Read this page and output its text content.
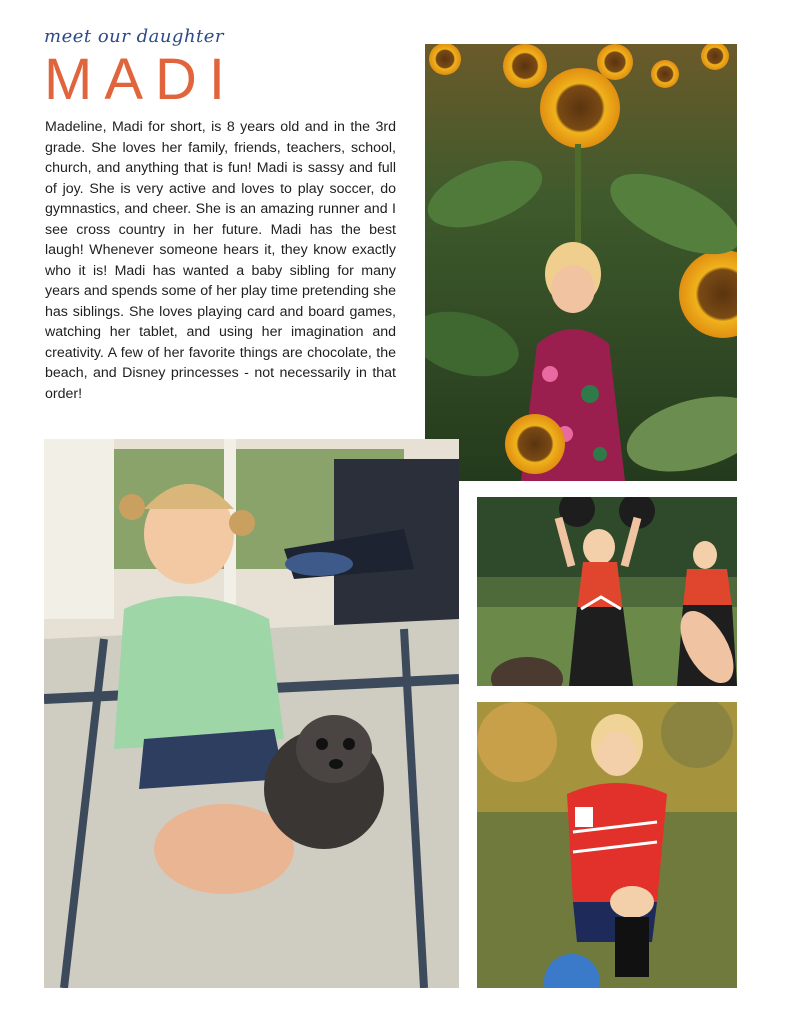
meet our daughter
MADI

Madeline, Madi for short, is 8 years old and in the 3rd grade. She loves her family, friends, teachers, school, church, and anything that is fun! Madi is sassy and full of joy. She is very active and loves to play soccer, do gymnastics, and cheer. She is an amazing runner and I see cross country in her future. Madi has the best laugh! Whenever someone hears it, they know exactly who it is! Madi has wanted a baby sibling for many years and spends some of her play time pretending she has siblings. She loves playing card and board games, watching her tablet, and using her imagination and creativity. A few of her favorite things are chocolate, the beach, and Disney princesses - not necessarily in that order!
